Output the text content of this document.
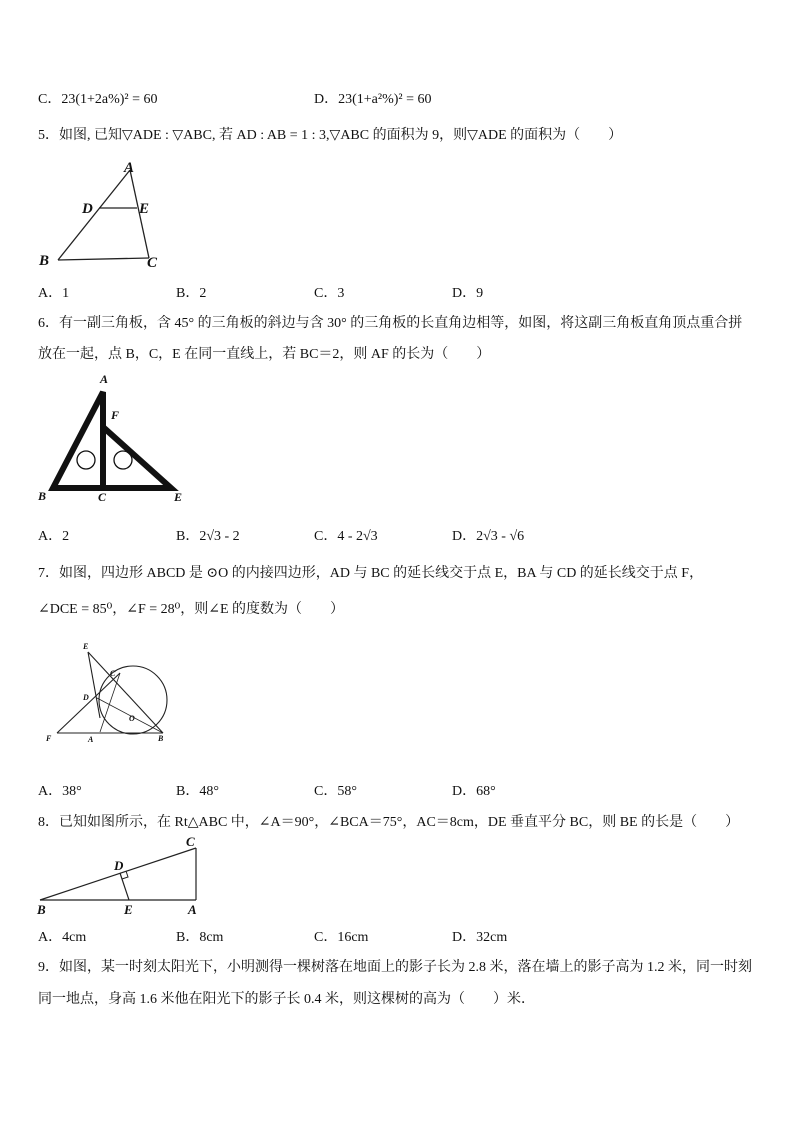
C．23(1+2a%)² = 60	D．23(1+a²%)² = 60
5．如图, 已知▽ADE : ▽ABC, 若 AD : AB = 1 : 3,▽ABC 的面积为 9，则▽ADE 的面积为（　　）
A
D	E
B	C
A．1	B．2	C．3	D．9
6．有一副三角板，含 45° 的三角板的斜边与含 30° 的三角板的长直角边相等，如图，将这副三角板直角顶点重合拼
放在一起，点 B，C，E 在同一直线上，若 BC＝2，则 AF 的长为（　　）
A
F
B	C	E
A．2	B．2√3 - 2	C．4 - 2√3	D．2√3 - √6
7．如图，四边形 ABCD 是 ⊙O 的内接四边形，AD 与 BC 的延长线交于点 E，BA 与 CD 的延长线交于点 F，
∠DCE = 85⁰，∠F = 28⁰，则∠E 的度数为（　　）
E
C
D
O
F	A	B
A．38°	B．48°	C．58°	D．68°
8．已知如图所示，在 Rt△ABC 中，∠A＝90°，∠BCA＝75°，AC＝8cm，DE 垂直平分 BC，则 BE 的长是（　　）
C
D
B	E	A
A．4cm	B．8cm	C．16cm	D．32cm
9．如图，某一时刻太阳光下，小明测得一棵树落在地面上的影子长为 2.8 米，落在墙上的影子高为 1.2 米，同一时刻
同一地点，身高 1.6 米他在阳光下的影子长 0.4 米，则这棵树的高为（　　）米．
